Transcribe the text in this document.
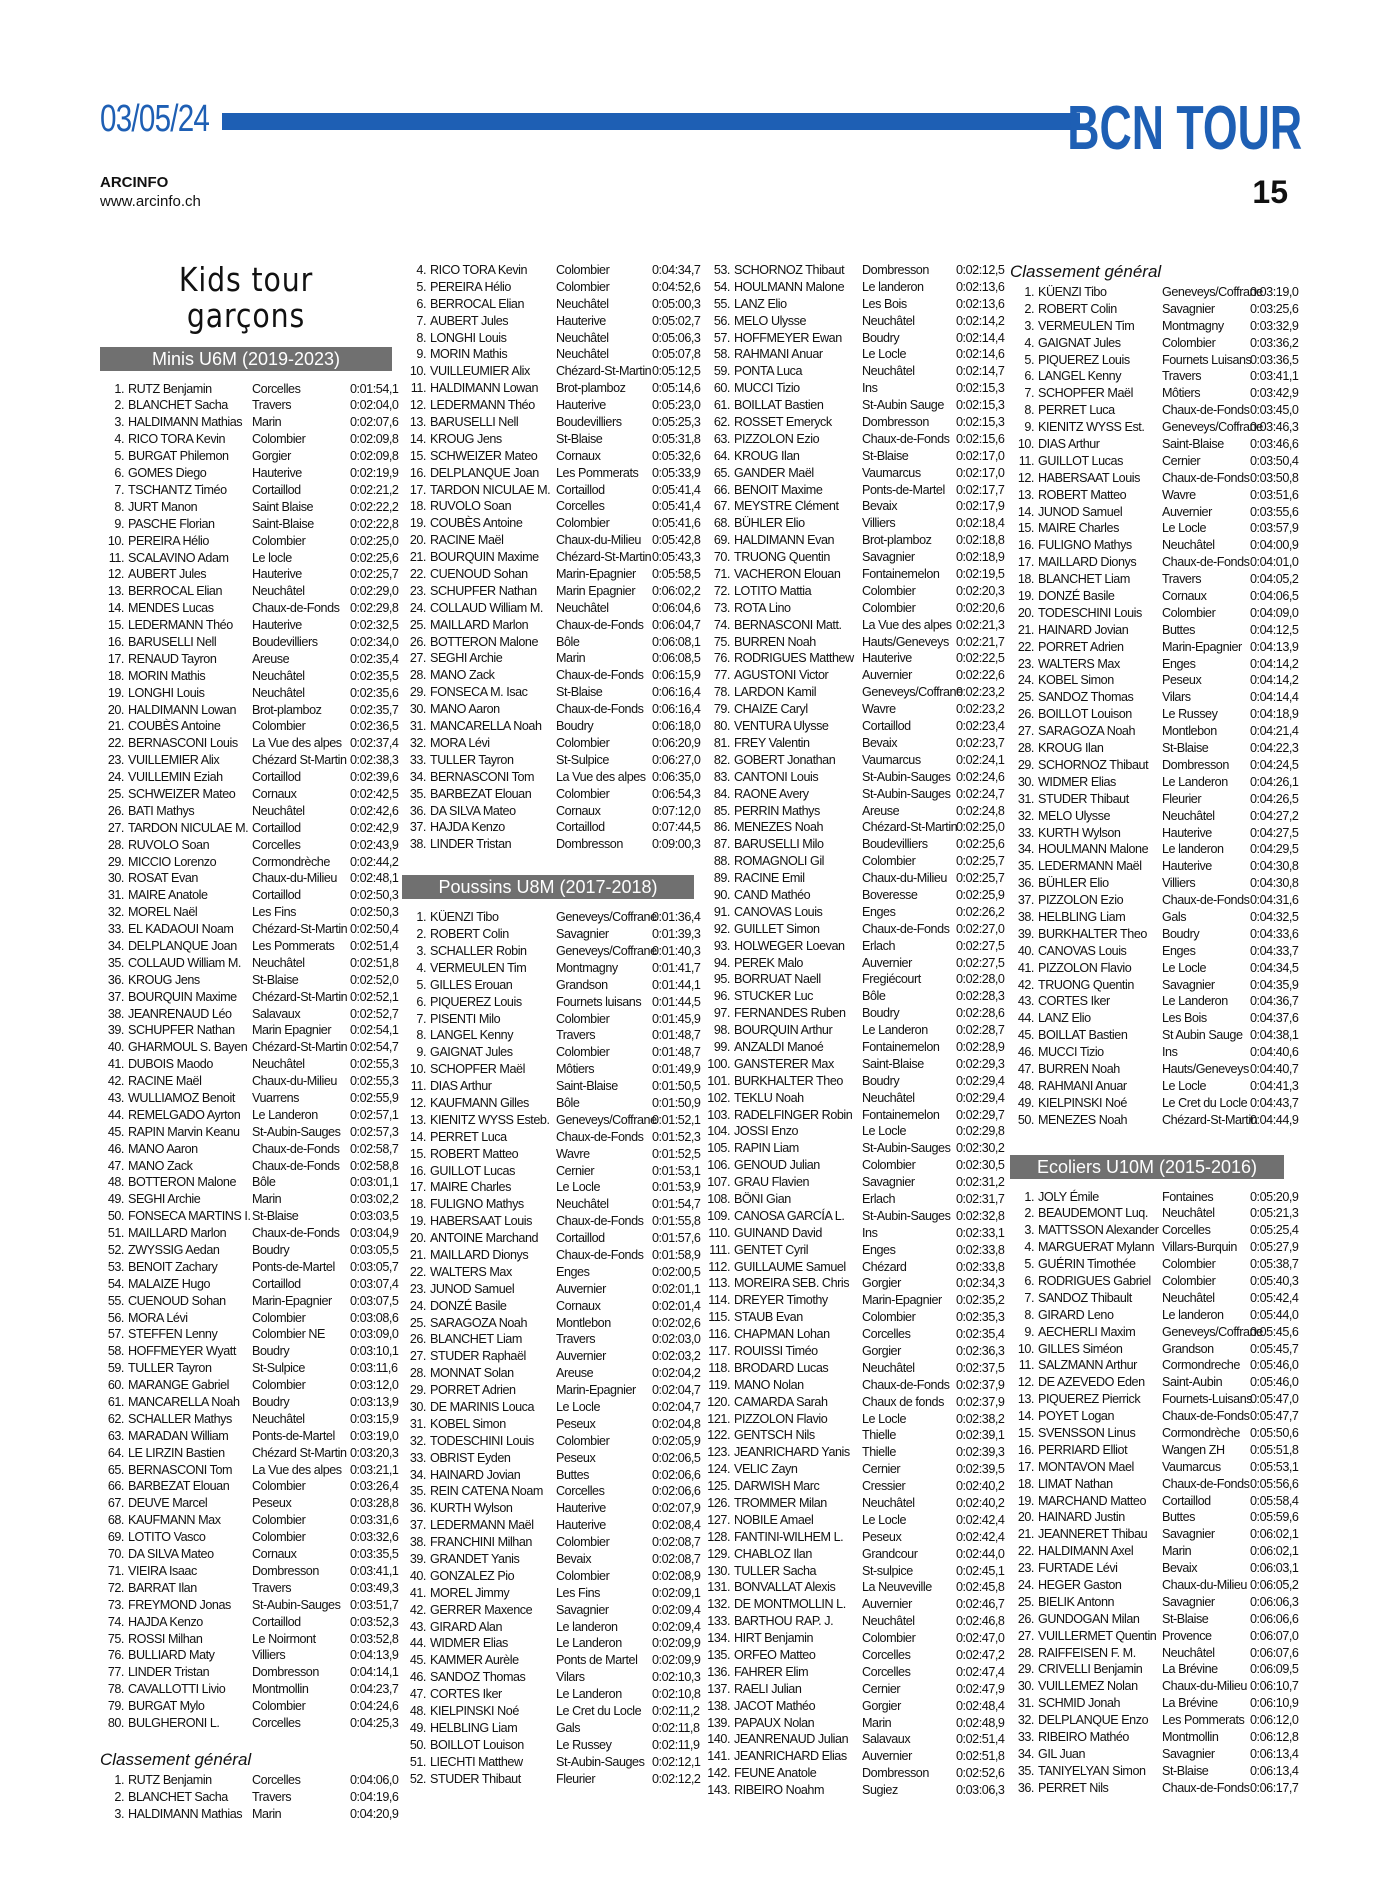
03/05/24	BCN TOUR
ARCINFO
www.arcinfo.ch	15
Kids tour garçons
Minis U6M (2019-2023)
1. RUTZ Benjamin	Corcelles	0:01:54,1
2. BLANCHET Sacha	Travers	0:02:04,0
3. HALDIMANN Mathias Marin	0:02:07,6
4. RICO TORA Kevin	Colombier	0:02:09,8
5. BURGAT Philemon	Gorgier	0:02:09,8
6. GOMES Diego	Hauterive	0:02:19,9
7. TSCHANTZ Timéo	Cortaillod	0:02:21,2
8. JURT Manon	Saint Blaise	0:02:22,2
9. PASCHE Florian	Saint-Blaise	0:02:22,8
10. PEREIRA Hélio	Colombier	0:02:25,0
11. SCALAVINO Adam	Le locle	0:02:25,6
12. AUBERT Jules	Hauterive	0:02:25,7
13. BERROCAL Elian	Neuchâtel	0:02:29,0
14. MENDES Lucas	Chaux-de-Fonds 0:02:29,8
15. LEDERMANN Théo	Hauterive	0:02:32,5
16. BARUSELLI Nell	Boudevilliers	0:02:34,0
17. RENAUD Tayron	Areuse	0:02:35,4
18. MORIN Mathis	Neuchâtel	0:02:35,5
19. LONGHI Louis	Neuchâtel	0:02:35,6
20. HALDIMANN Lowan	Brot-plamboz	0:02:35,7
21. COUBÈS Antoine	Colombier	0:02:36,5
22. BERNASCONI Louis	La Vue des alpes 0:02:37,4
23. VUILLEMIER Alix	Chézard St-Martin 0:02:38,3
24. VUILLEMIN Eziah	Cortaillod	0:02:39,6
25. SCHWEIZER Mateo	Cornaux	0:02:42,5
26. BATI Mathys	Neuchâtel	0:02:42,6
27. TARDON NICULAE M. Cortaillod	0:02:42,9
28. RUVOLO Soan	Corcelles	0:02:43,9
29. MICCIO Lorenzo	Cormondrèche	0:02:44,2
30. ROSAT Evan	Chaux-du-Milieu	0:02:48,1
31. MAIRE Anatole	Cortaillod	0:02:50,3
32. MOREL Naël	Les Fins	0:02:50,3
33. EL KADAOUI Noam	Chézard-St-Martin 0:02:50,4
34. DELPLANQUE Joan	Les Pommerats	0:02:51,4
35. COLLAUD William M. Neuchâtel	0:02:51,8
36. KROUG Jens	St-Blaise	0:02:52,0
37. BOURQUIN Maxime	Chézard-St-Martin 0:02:52,1
38. JEANRENAUD Léo	Salavaux	0:02:52,7
39. SCHUPFER Nathan	Marin Epagnier	0:02:54,1
40. GHARMOUL S. Bayen Chézard-St-Martin 0:02:54,7
41. DUBOIS Maodo	Neuchâtel	0:02:55,3
42. RACINE Maël	Chaux-du-Milieu	0:02:55,3
43. WULLIAMOZ Benoit	Vuarrens	0:02:55,9
44. REMELGADO Ayrton Le Landeron	0:02:57,1
45. RAPIN Marvin Keanu St-Aubin-Sauges 0:02:57,3
46. MANO Aaron	Chaux-de-Fonds 0:02:58,7
47. MANO Zack	Chaux-de-Fonds 0:02:58,8
48. BOTTERON Malone	Bôle	0:03:01,1
49. SEGHI Archie	Marin	0:03:02,2
50. FONSECA MARTINS I. St-Blaise	0:03:03,5
51. MAILLARD Marlon	Chaux-de-Fonds 0:03:04,9
52. ZWYSSIG Aedan	Boudry	0:03:05,5
53. BENOIT Zachary	Ponts-de-Martel	0:03:05,7
54. MALAIZE Hugo	Cortaillod	0:03:07,4
55. CUENOUD Sohan	Marin-Epagnier	0:03:07,5
56. MORA Lévi	Colombier	0:03:08,6
57. STEFFEN Lenny	Colombier NE	0:03:09,0
58. HOFFMEYER Wyatt	Boudry	0:03:10,1
59. TULLER Tayron	St-Sulpice	0:03:11,6
60. MARANGE Gabriel	Colombier	0:03:12,0
61. MANCARELLA Noah Boudry	0:03:13,9
62. SCHALLER Mathys	Neuchâtel	0:03:15,9
63. MARADAN William	Ponts-de-Martel	0:03:19,0
64. LE LIRZIN Bastien	Chézard St-Martin 0:03:20,3
65. BERNASCONI Tom	La Vue des alpes 0:03:21,1
66. BARBEZAT Elouan	Colombier	0:03:26,4
67. DEUVE Marcel	Peseux	0:03:28,8
68. KAUFMANN Max	Colombier	0:03:31,6
69. LOTITO Vasco	Colombier	0:03:32,6
70. DA SILVA Mateo	Cornaux	0:03:35,5
71. VIEIRA Isaac	Dombresson	0:03:41,1
72. BARRAT Ilan	Travers	0:03:49,3
73. FREYMOND Jonas	St-Aubin-Sauges 0:03:51,7
74. HAJDA Kenzo	Cortaillod	0:03:52,3
75. ROSSI Milhan	Le Noirmont	0:03:52,8
76. BULLIARD Maty	Villiers	0:04:13,9
77. LINDER Tristan	Dombresson	0:04:14,1
78. CAVALLOTTI Livio	Montmollin	0:04:23,7
79. BURGAT Mylo	Colombier	0:04:24,6
80. BULGHERONI L.	Corcelles	0:04:25,3
Classement général
1. RUTZ Benjamin	Corcelles	0:04:06,0
2. BLANCHET Sacha	Travers	0:04:19,6
3. HALDIMANN Mathias Marin	0:04:20,9
4. RICO TORA Kevin	Colombier	0:04:34,7
5. PEREIRA Hélio	Colombier	0:04:52,6
6. BERROCAL Elian	Neuchâtel	0:05:00,3
7. AUBERT Jules	Hauterive	0:05:02,7
8. LONGHI Louis	Neuchâtel	0:05:06,3
9. MORIN Mathis	Neuchâtel	0:05:07,8
10. VUILLEUMIER Alix	Chézard-St-Martin 0:05:12,5
11. HALDIMANN Lowan	Brot-plamboz	0:05:14,6
12. LEDERMANN Théo	Hauterive	0:05:23,0
13. BARUSELLI Nell	Boudevilliers	0:05:25,3
14. KROUG Jens	St-Blaise	0:05:31,8
15. SCHWEIZER Mateo	Cornaux	0:05:32,6
16. DELPLANQUE Joan	Les Pommerats	0:05:33,9
17. TARDON NICULAE M. Cortaillod	0:05:41,4
18. RUVOLO Soan	Corcelles	0:05:41,4
19. COUBÈS Antoine	Colombier	0:05:41,6
20. RACINE Maël	Chaux-du-Milieu 0:05:42,8
21. BOURQUIN Maxime	Chézard-St-Martin 0:05:43,3
22. CUENOUD Sohan	Marin-Epagnier	0:05:58,5
23. SCHUPFER Nathan	Marin Epagnier	0:06:02,2
24. COLLAUD William M.	Neuchâtel	0:06:04,6
25. MAILLARD Marlon	Chaux-de-Fonds 0:06:04,7
26. BOTTERON Malone	Bôle	0:06:08,1
27. SEGHI Archie	Marin	0:06:08,5
28. MANO Zack	Chaux-de-Fonds 0:06:15,9
29. FONSECA M. Isac	St-Blaise	0:06:16,4
30. MANO Aaron	Chaux-de-Fonds 0:06:16,4
31. MANCARELLA Noah	Boudry	0:06:18,0
32. MORA Lévi	Colombier	0:06:20,9
33. TULLER Tayron	St-Sulpice	0:06:27,0
34. BERNASCONI Tom	La Vue des alpes 0:06:35,0
35. BARBEZAT Elouan	Colombier	0:06:54,3
36. DA SILVA Mateo	Cornaux	0:07:12,0
37. HAJDA Kenzo	Cortaillod	0:07:44,5
38. LINDER Tristan	Dombresson	0:09:00,3
Poussins U8M (2017-2018)
1. KÜENZI Tibo	Geneveys/Coffrane
0:01:36,4
2. ROBERT Colin	Savagnier	0:01:39,3
3. SCHALLER Robin	Geneveys/Coffrane
0:01:40,3
4. VERMEULEN Tim	Montmagny	0:01:41,7
5. GILLES Erouan	Grandson	0:01:44,1
6. PIQUEREZ Louis	Fournets luisans 0:01:44,5
7. PISENTI Milo	Colombier	0:01:45,9
8. LANGEL Kenny	Travers	0:01:48,7
9. GAIGNAT Jules	Colombier	0:01:48,7
10. SCHOPFER Maël	Môtiers	0:01:49,9
11. DIAS Arthur	Saint-Blaise	0:01:50,5
12. KAUFMANN Gilles	Bôle	0:01:50,9
13. KIENITZ WYSS Esteb. Geneveys/Coffrane
0:01:52,1
14. PERRET Luca	Chaux-de-Fonds 0:01:52,3
15. ROBERT Matteo	Wavre	0:01:52,5
16. GUILLOT Lucas	Cernier	0:01:53,1
17. MAIRE Charles	Le Locle	0:01:53,9
18. FULIGNO Mathys	Neuchâtel	0:01:54,7
19. HABERSAAT Louis	Chaux-de-Fonds 0:01:55,8
20. ANTOINE Marchand	Cortaillod	0:01:57,6
21. MAILLARD Dionys	Chaux-de-Fonds 0:01:58,9
22. WALTERS Max	Enges	0:02:00,5
23. JUNOD Samuel	Auvernier	0:02:01,1
24. DONZÉ Basile	Cornaux	0:02:01,4
25. SARAGOZA Noah	Montlebon	0:02:02,6
26. BLANCHET Liam	Travers	0:02:03,0
27. STUDER Raphaël	Auvernier	0:02:03,2
28. MONNAT Solan	Areuse	0:02:04,2
29. PORRET Adrien	Marin-Epagnier	0:02:04,7
30. DE MARINIS Louca	Le Locle	0:02:04,7
31. KOBEL Simon	Peseux	0:02:04,8
32. TODESCHINI Louis	Colombier	0:02:05,9
33. OBRIST Eyden	Peseux	0:02:06,5
34. HAINARD Jovian	Buttes	0:02:06,6
35. REIN CATENA Noam	Corcelles	0:02:06,6
36. KURTH Wylson	Hauterive	0:02:07,9
37. LEDERMANN Maël	Hauterive	0:02:08,4
38. FRANCHINI Milhan	Colombier	0:02:08,7
39. GRANDET Yanis	Bevaix	0:02:08,7
40. GONZALEZ Pio	Colombier	0:02:08,9
41. MOREL Jimmy	Les Fins	0:02:09,1
42. GERRER Maxence	Savagnier	0:02:09,4
43. GIRARD Alan	Le landeron	0:02:09,4
44. WIDMER Elias	Le Landeron	0:02:09,9
45. KAMMER Aurèle	Ponts de Martel	0:02:09,9
46. SANDOZ Thomas	Vilars	0:02:10,3
47. CORTES Iker	Le Landeron	0:02:10,8
48. KIELPINSKI Noé	Le Cret du Locle 0:02:11,2
49. HELBLING Liam	Gals	0:02:11,8
50. BOILLOT Louison	Le Russey	0:02:11,9
51. LIECHTI Matthew	St-Aubin-Sauges 0:02:12,1
52. STUDER Thibaut	Fleurier	0:02:12,2
53. SCHORNOZ Thibaut	Dombresson	0:02:12,5
54. HOULMANN Malone	Le landeron	0:02:13,6
55. LANZ Elio	Les Bois	0:02:13,6
56. MELO Ulysse	Neuchâtel	0:02:14,2
57. HOFFMEYER Ewan	Boudry	0:02:14,4
58. RAHMANI Anuar	Le Locle	0:02:14,6
59. PONTA Luca	Neuchâtel	0:02:14,7
60. MUCCI Tizio	Ins	0:02:15,3
61. BOILLAT Bastien	St-Aubin Sauge 0:02:15,3
62. ROSSET Emeryck	Dombresson	0:02:15,3
63. PIZZOLON Ezio	Chaux-de-Fonds 0:02:15,6
64. KROUG Ilan	St-Blaise	0:02:17,0
65. GANDER Maël	Vaumarcus	0:02:17,0
66. BENOIT Maxime	Ponts-de-Martel 0:02:17,7
67. MEYSTRE Clément	Bevaix	0:02:17,9
68. BÜHLER Elio	Villiers	0:02:18,4
69. HALDIMANN Evan	Brot-plamboz	0:02:18,8
70. TRUONG Quentin	Savagnier	0:02:18,9
71. VACHERON Elouan	Fontainemelon	0:02:19,5
72. LOTITO Mattia	Colombier	0:02:20,3
73. ROTA Lino	Colombier	0:02:20,6
74. BERNASCONI Matt.	La Vue des alpes 0:02:21,3
75. BURREN Noah	Hauts/Geneveys 0:02:21,7
76. RODRIGUES Matthew Hauterive	0:02:22,5
77. AGUSTONI Victor	Auvernier	0:02:22,6
78. LARDON Kamil	Geneveys/Coffrane
0:02:23,2
79. CHAIZE Caryl	Wavre	0:02:23,2
80. VENTURA Ulysse	Cortaillod	0:02:23,4
81. FREY Valentin	Bevaix	0:02:23,7
82. GOBERT Jonathan	Vaumarcus	0:02:24,1
83. CANTONI Louis	St-Aubin-Sauges 0:02:24,6
84. RAONE Avery	St-Aubin-Sauges 0:02:24,7
85. PERRIN Mathys	Areuse	0:02:24,8
86. MENEZES Noah	Chézard-St-Martin
0:02:25,0
87. BARUSELLI Milo	Boudevilliers	0:02:25,6
88. ROMAGNOLI Gil	Colombier	0:02:25,7
89. RACINE Emil	Chaux-du-Milieu 0:02:25,7
90. CAND Mathéo	Boveresse	0:02:25,9
91. CANOVAS Louis	Enges	0:02:26,2
92. GUILLET Simon	Chaux-de-Fonds 0:02:27,0
93. HOLWEGER Loevan	Erlach	0:02:27,5
94. PEREK Malo	Auvernier	0:02:27,5
95. BORRUAT Naell	Fregiécourt	0:02:28,0
96. STUCKER Luc	Bôle	0:02:28,3
97. FERNANDES Ruben	Boudry	0:02:28,6
98. BOURQUIN Arthur	Le Landeron	0:02:28,7
99. ANZALDI Manoé	Fontainemelon	0:02:28,9
100. GANSTERER Max	Saint-Blaise	0:02:29,3
101. BURKHALTER Theo	Boudry	0:02:29,4
102. TEKLU Noah	Neuchâtel	0:02:29,4
103. RADELFINGER Robin Fontainemelon	0:02:29,7
104. JOSSI Enzo	Le Locle	0:02:29,8
105. RAPIN Liam	St-Aubin-Sauges 0:02:30,2
106. GENOUD Julian	Colombier	0:02:30,5
107. GRAU Flavien	Savagnier	0:02:31,2
108. BÖNI Gian	Erlach	0:02:31,7
109. CANOSA GARCÍA L.	St-Aubin-Sauges 0:02:32,8
110. GUINAND David	Ins	0:02:33,1
111. GENTET Cyril	Enges	0:02:33,8
112. GUILLAUME Samuel	Chézard	0:02:33,8
113. MOREIRA SEB. Chris	Gorgier	0:02:34,3
114. DREYER Timothy	Marin-Epagnier	0:02:35,2
115. STAUB Evan	Colombier	0:02:35,3
116. CHAPMAN Lohan	Corcelles	0:02:35,4
117. ROUISSI Timéo	Gorgier	0:02:36,3
118. BRODARD Lucas	Neuchâtel	0:02:37,5
119. MANO Nolan	Chaux-de-Fonds 0:02:37,9
120. CAMARDA Sarah	Chaux de fonds 0:02:37,9
121. PIZZOLON Flavio	Le Locle	0:02:38,2
122. GENTSCH Nils	Thielle	0:02:39,1
123. JEANRICHARD Yanis Thielle	0:02:39,3
124. VELIC Zayn	Cernier	0:02:39,5
125. DARWISH Marc	Cressier	0:02:40,2
126. TROMMER Milan	Neuchâtel	0:02:40,2
127. NOBILE Amael	Le Locle	0:02:42,4
128. FANTINI-WILHEM L.	Peseux	0:02:42,4
129. CHABLOZ Ilan	Grandcour	0:02:44,0
130. TULLER Sacha	St-sulpice	0:02:45,1
131. BONVALLAT Alexis	La Neuveville	0:02:45,8
132. DE MONTMOLLIN L.	Auvernier	0:02:46,7
133. BARTHOU RAP. J.	Neuchâtel	0:02:46,8
134. HIRT Benjamin	Colombier	0:02:47,0
135. ORFEO Matteo	Corcelles	0:02:47,2
136. FAHRER Elim	Corcelles	0:02:47,4
137. RAELI Julian	Cernier	0:02:47,9
138. JACOT Mathéo	Gorgier	0:02:48,4
139. PAPAUX Nolan	Marin	0:02:48,9
140. JEANRENAUD Julian	Salavaux	0:02:51,4
141. JEANRICHARD Elias	Auvernier	0:02:51,8
142. FEUNE Anatole	Dombresson	0:02:52,6
143. RIBEIRO Noahm	Sugiez	0:03:06,3
Classement général
1. KÜENZI Tibo	Geneveys/Coffrane
0:03:19,0
2. ROBERT Colin	Savagnier	0:03:25,6
3. VERMEULEN Tim	Montmagny	0:03:32,9
4. GAIGNAT Jules	Colombier	0:03:36,2
5. PIQUEREZ Louis	Fournets Luisans
0:03:36,5
6. LANGEL Kenny	Travers	0:03:41,1
7. SCHOPFER Maël	Môtiers	0:03:42,9
8. PERRET Luca	Chaux-de-Fonds 0:03:45,0
9. KIENITZ WYSS Est.	Geneveys/Coffrane
0:03:46,3
10. DIAS Arthur	Saint-Blaise	0:03:46,6
11. GUILLOT Lucas	Cernier	0:03:50,4
12. HABERSAAT Louis	Chaux-de-Fonds 0:03:50,8
13. ROBERT Matteo	Wavre	0:03:51,6
14. JUNOD Samuel	Auvernier	0:03:55,6
15. MAIRE Charles	Le Locle	0:03:57,9
16. FULIGNO Mathys	Neuchâtel	0:04:00,9
17. MAILLARD Dionys	Chaux-de-Fonds 0:04:01,0
18. BLANCHET Liam	Travers	0:04:05,2
19. DONZÉ Basile	Cornaux	0:04:06,5
20. TODESCHINI Louis	Colombier	0:04:09,0
21. HAINARD Jovian	Buttes	0:04:12,5
22. PORRET Adrien	Marin-Epagnier 0:04:13,9
23. WALTERS Max	Enges	0:04:14,2
24. KOBEL Simon	Peseux	0:04:14,2
25. SANDOZ Thomas	Vilars	0:04:14,4
26. BOILLOT Louison	Le Russey	0:04:18,9
27. SARAGOZA Noah	Montlebon	0:04:21,4
28. KROUG Ilan	St-Blaise	0:04:22,3
29. SCHORNOZ Thibaut	Dombresson	0:04:24,5
30. WIDMER Elias	Le Landeron	0:04:26,1
31. STUDER Thibaut	Fleurier	0:04:26,5
32. MELO Ulysse	Neuchâtel	0:04:27,2
33. KURTH Wylson	Hauterive	0:04:27,5
34. HOULMANN Malone	Le landeron	0:04:29,5
35. LEDERMANN Maël	Hauterive	0:04:30,8
36. BÜHLER Elio	Villiers	0:04:30,8
37. PIZZOLON Ezio	Chaux-de-Fonds 0:04:31,6
38. HELBLING Liam	Gals	0:04:32,5
39. BURKHALTER Theo	Boudry	0:04:33,6
40. CANOVAS Louis	Enges	0:04:33,7
41. PIZZOLON Flavio	Le Locle	0:04:34,5
42. TRUONG Quentin	Savagnier	0:04:35,9
43. CORTES Iker	Le Landeron	0:04:36,7
44. LANZ Elio	Les Bois	0:04:37,6
45. BOILLAT Bastien	St Aubin Sauge 0:04:38,1
46. MUCCI Tizio	Ins	0:04:40,6
47. BURREN Noah	Hauts/Geneveys 0:04:40,7
48. RAHMANI Anuar	Le Locle	0:04:41,3
49. KIELPINSKI Noé	Le Cret du Locle 0:04:43,7
50. MENEZES Noah	Chézard-St-Martin
0:04:44,9
Ecoliers U10M (2015-2016)
1. JOLY Émile	Fontaines	0:05:20,9
2. BEAUDEMONT Luq.	Neuchâtel	0:05:21,3
3. MATTSSON Alexander Corcelles	0:05:25,4
4. MARGUERAT Mylann Villars-Burquin	0:05:27,9
5. GUÉRIN Timothée	Colombier	0:05:38,7
6. RODRIGUES Gabriel Colombier	0:05:40,3
7. SANDOZ Thibault	Neuchâtel	0:05:42,4
8. GIRARD Leno	Le landeron	0:05:44,0
9. AECHERLI Maxim	Geneveys/Coffrane
0:05:45,6
10. GILLES Siméon	Grandson	0:05:45,7
11. SALZMANN Arthur	Cormondreche 0:05:46,0
12. DE AZEVEDO Eden	Saint-Aubin	0:05:46,0
13. PIQUEREZ Pierrick	Fournets-Luisans
0:05:47,0
14. POYET Logan	Chaux-de-Fonds 0:05:47,7
15. SVENSSON Linus	Cormondrèche 0:05:50,6
16. PERRIARD Elliot	Wangen ZH	0:05:51,8
17. MONTAVON Mael	Vaumarcus	0:05:53,1
18. LIMAT Nathan	Chaux-de-Fonds 0:05:56,6
19. MARCHAND Matteo	Cortaillod	0:05:58,4
20. HAINARD Justin	Buttes	0:05:59,6
21. JEANNERET Thibau	Savagnier	0:06:02,1
22. HALDIMANN Axel	Marin	0:06:02,1
23. FURTADE Lévi	Bevaix	0:06:03,1
24. HEGER Gaston	Chaux-du-Milieu 0:06:05,2
25. BIELIK Antonn	Savagnier	0:06:06,3
26. GUNDOGAN Milan	St-Blaise	0:06:06,6
27. VUILLERMET Quentin Provence	0:06:07,0
28. RAIFFEISEN F. M.	Neuchâtel	0:06:07,6
29. CRIVELLI Benjamin	La Brévine	0:06:09,5
30. VUILLEMEZ Nolan	Chaux-du-Milieu 0:06:10,7
31. SCHMID Jonah	La Brévine	0:06:10,9
32. DELPLANQUE Enzo	Les Pommerats 0:06:12,0
33. RIBEIRO Mathéo	Montmollin	0:06:12,8
34. GIL Juan	Savagnier	0:06:13,4
35. TANIYELYAN Simon	St-Blaise	0:06:13,4
36. PERRET Nils	Chaux-de-Fonds 0:06:17,7
